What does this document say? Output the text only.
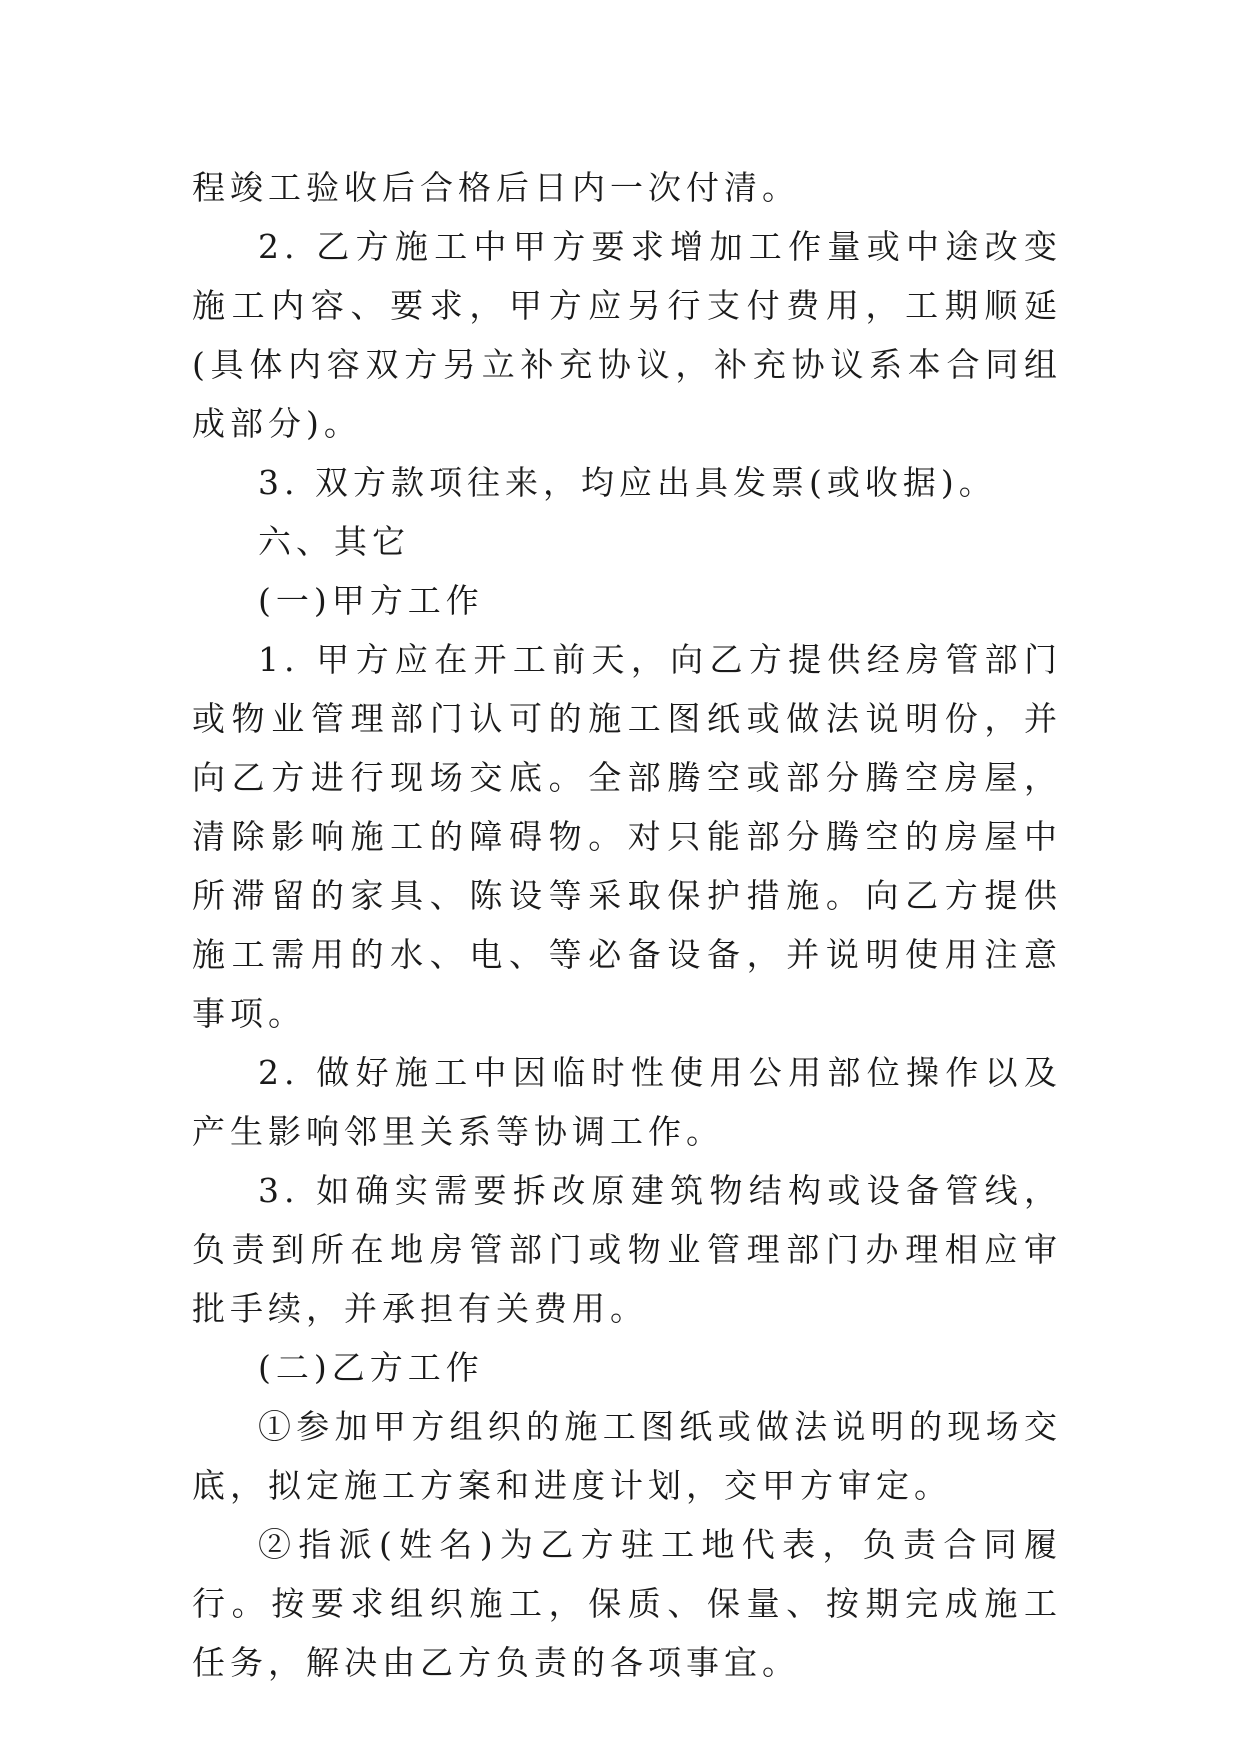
程竣工验收后合格后日内一次付清。

2. 乙方施工中甲方要求增加工作量或中途改变施工内容、要求，甲方应另行支付费用，工期顺延(具体内容双方另立补充协议，补充协议系本合同组成部分)。

3. 双方款项往来，均应出具发票(或收据)。

六、其它

(一)甲方工作

1. 甲方应在开工前天，向乙方提供经房管部门或物业管理部门认可的施工图纸或做法说明份，并向乙方进行现场交底。全部腾空或部分腾空房屋，清除影响施工的障碍物。对只能部分腾空的房屋中所滞留的家具、陈设等采取保护措施。向乙方提供施工需用的水、电、等必备设备，并说明使用注意事项。

2. 做好施工中因临时性使用公用部位操作以及产生影响邻里关系等协调工作。

3. 如确实需要拆改原建筑物结构或设备管线，负责到所在地房管部门或物业管理部门办理相应审批手续，并承担有关费用。

(二)乙方工作

①参加甲方组织的施工图纸或做法说明的现场交底，拟定施工方案和进度计划，交甲方审定。

②指派(姓名)为乙方驻工地代表，负责合同履行。按要求组织施工，保质、保量、按期完成施工任务，解决由乙方负责的各项事宜。
